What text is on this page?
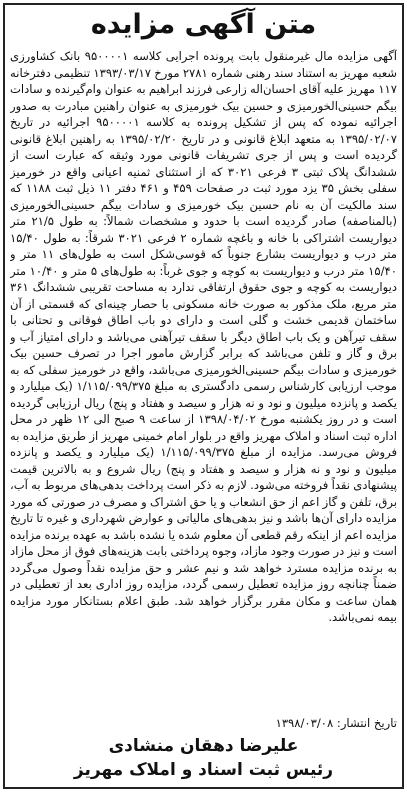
متن آگهی مزایده
آگهی مزایده مال غیرمنقول بابت پرونده اجرایی کلاسه ۹۵۰۰۰۰۱ بانک کشاورزی شعبه مهریز به استناد سند رهنی شماره ۲۷۸۱ مورخ ۱۳۹۳/۰۳/۱۷ تنظیمی دفترخانه ۱۱۷ مهریز علیه آقای احسان‌اله زارعی فرزند ابراهیم به عنوان وام‌گیرنده و سادات بیگم حسینی‌الخورمیزی و حسین بیک خورمیزی به عنوان راهنین مبادرت به صدور اجرائیه نموده که پس از تشکیل پرونده به کلاسه ۹۵۰۰۰۰۱ اجرائیه در تاریخ ۱۳۹۵/۰۲/۰۷ به متعهد ابلاغ قانونی و در تاریخ ۱۳۹۵/۰۲/۲۰ به راهنین ابلاغ قانونی گردیده است و پس از جری تشریفات قانونی مورد وثیقه که عبارت است از ششدانگ پلاک ثبتی ۳ فرعی ۳۰۲۱ که از استثنای ثمنیه اعیانی واقع در خورمیز سفلی بخش ۳۵ یزد مورد ثبت در صفحات ۴۵۹ و ۴۶۱ دفتر ۱۱ ذیل ثبت ۱۱۸۸ که سند مالکیت آن به نام حسین بیک خورمیزی و سادات بیگم حسینی‌الخورمیزی (بالمناصفه) صادر گردیده است با حدود و مشخصات شمالاً: به طول ۲۱/۵ متر دیواریست اشتراکی با خانه و باغچه شماره ۲ فرعی ۳۰۲۱ شرقاً: به طول ۱۵/۴۰ متر درب و دیواریست بشارع جنوباً که قوسی‌شکل است به طول‌های ۱۱ متر و ۱۵/۴۰ متر درب و دیواریست به کوچه و جوی غرباً: به طول‌های ۵ متر و ۱۰/۴۰ متر دیواریست به کوچه و جوی حقوق ارتفاقی ندارد به مساحت تقریبی ششدانگ ۳۶۱ متر مربع، ملک مذکور به صورت خانه مسکونی با حصار چینه‌ای که قسمتی از آن ساختمان قدیمی خشت و گلی است و دارای دو باب اطاق فوقانی و تحتانی با سقف تیرآهن و یک باب اطاق دیگر با سقف تیرآهنی می‌باشد و دارای امتیاز آب و برق و گاز و تلفن می‌باشد که برابر گزارش مامور اجرا در تصرف حسین بیک خورمیزی و سادات بیگم حسینی‌الخورمیزی می‌باشد، واقع در خورمیز سفلی که به موجب ارزیابی کارشناس رسمی دادگستری به مبلغ ۱/۱۱۵/۰۹۹/۳۷۵ (یک میلیارد و یکصد و پانزده میلیون و نود و نه هزار و سیصد و هفتاد و پنج) ریال ارزیابی گردیده است و در روز یکشنبه مورخ ۱۳۹۸/۰۴/۰۲ از ساعت ۹ صبح الی ۱۲ ظهر در محل اداره ثبت اسناد و املاک مهریز واقع در بلوار امام خمینی مهریز از طریق مزایده به فروش می‌رسد. مزایده از مبلغ ۱/۱۱۵/۰۹۹/۳۷۵ (یک میلیارد و یکصد و پانزده میلیون و نود و نه هزار و سیصد و هفتاد و پنج) ریال شروع و به بالاترین قیمت پیشنهادی نقداً فروخته می‌شود. لازم به ذکر است پرداخت بدهی‌های مربوط به آب، برق، تلفن و گاز اعم از حق انشعاب و یا حق اشتراک و مصرف در صورتی که مورد مزایده دارای آن‌ها باشد و نیز بدهی‌های مالیاتی و عوارض شهرداری و غیره تا تاریخ مزایده اعم از اینکه رقم قطعی آن معلوم شده یا نشده باشد به عهده برنده مزایده است و نیز در صورت وجود مازاد، وجوه پرداختی بابت هزینه‌های فوق از محل مازاد به برنده مزایده مسترد خواهد شد و نیم عشر و حق مزایده نقداً وصول می‌گردد ضمناً چنانچه روز مزایده تعطیل رسمی گردد، مزایده روز اداری بعد از تعطیلی در همان ساعت و مکان مقرر برگزار خواهد شد. طبق اعلام بستانکار مورد مزایده بیمه نمی‌باشد.
تاریخ انتشار: ۱۳۹۸/۰۳/۰۸
علیرضا دهقان منشادی
رئیس ثبت اسناد و املاک مهریز
